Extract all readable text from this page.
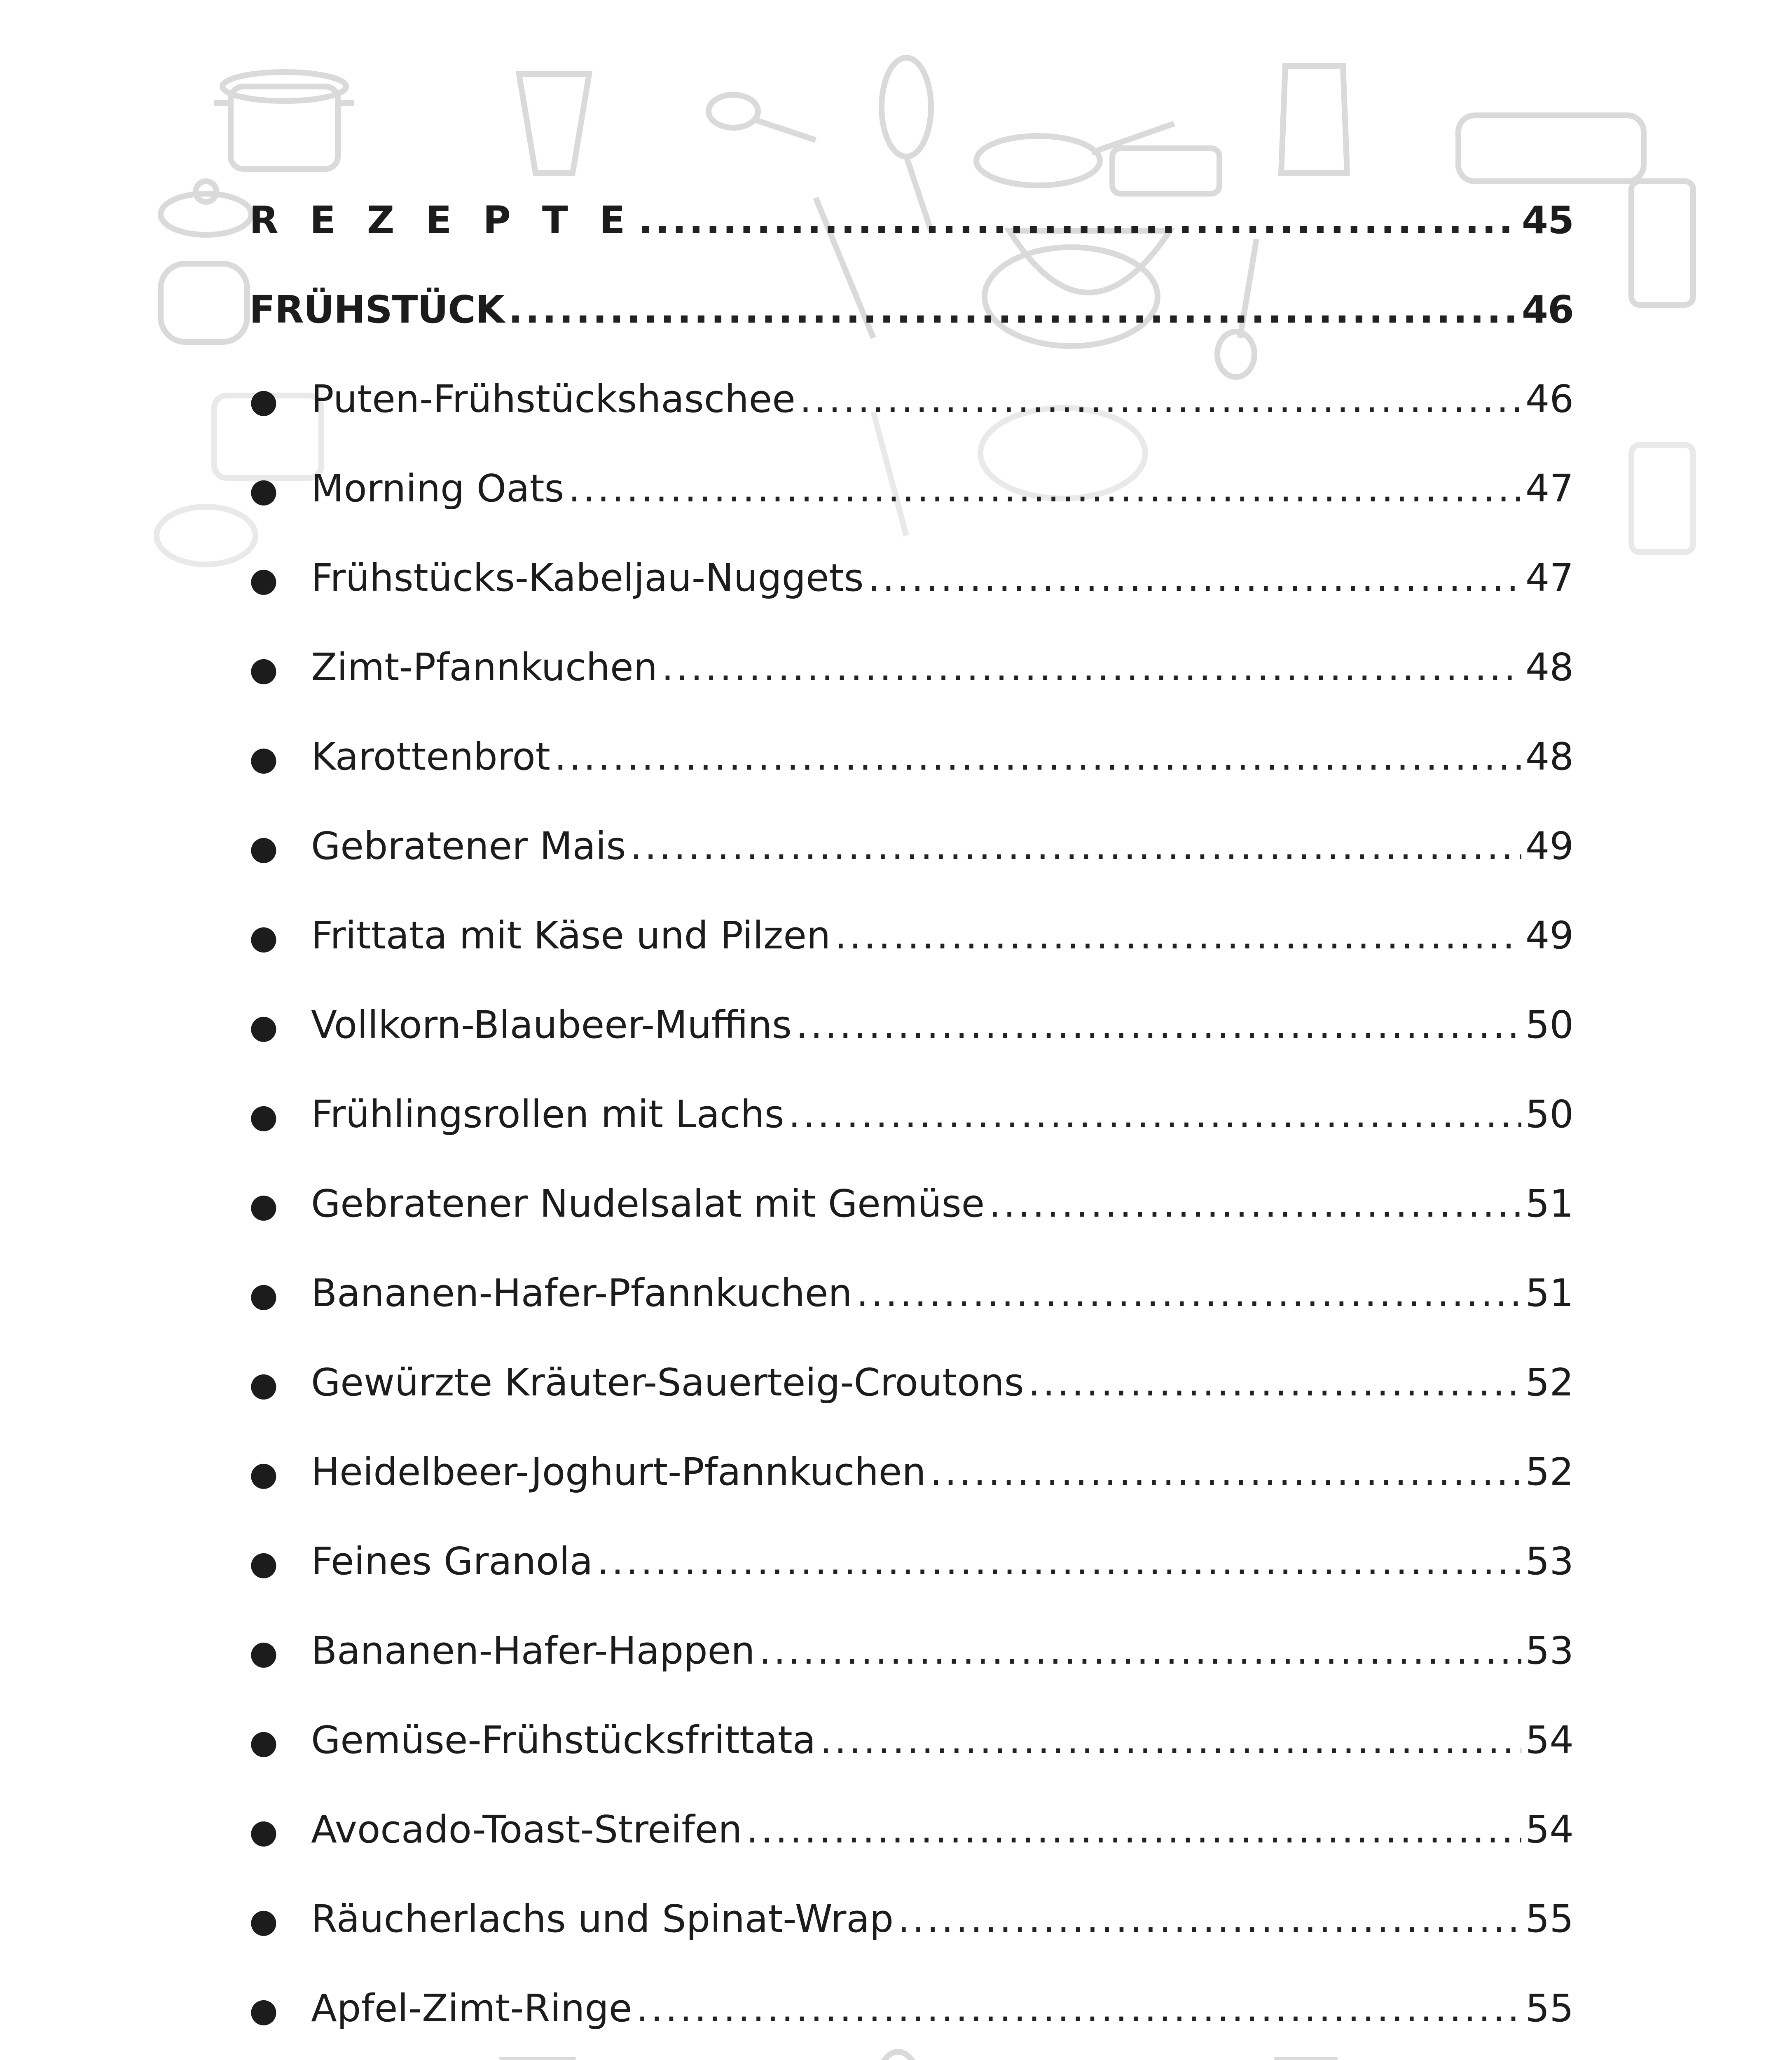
R E Z E P T E .....	45
FRÜHSTÜCK .....	46
● Puten-Frühstückshaschee .....	46
● Morning Oats .....	47
● Frühstücks-Kabeljau-Nuggets .....	47
● Zimt-Pfannkuchen .....	48
● Karottenbrot .....	48
● Gebratener Mais .....	49
● Frittata mit Käse und Pilzen .....	49
● Vollkorn-Blaubeer-Muffins .....	50
● Frühlingsrollen mit Lachs .....	50
● Gebratener Nudelsalat mit Gemüse .....	51
● Bananen-Hafer-Pfannkuchen .....	51
● Gewürzte Kräuter-Sauerteig-Croutons .....	52
● Heidelbeer-Joghurt-Pfannkuchen .....	52
● Feines Granola .....	53
● Bananen-Hafer-Happen .....	53
● Gemüse-Frühstücksfrittata .....	54
● Avocado-Toast-Streifen .....	54
● Räucherlachs und Spinat-Wrap .....	55
● Apfel-Zimt-Ringe .....	55
